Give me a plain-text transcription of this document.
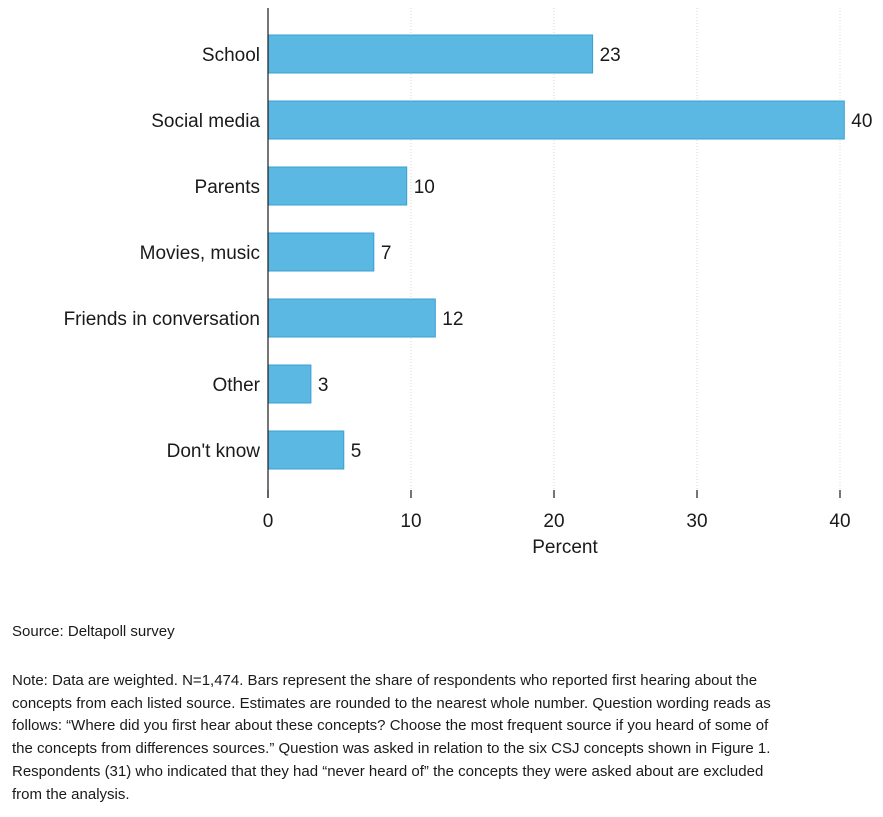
School	23
Social media	40
Parents	10
Movies, music	7
Friends in conversation	12
Other	3
Don't know	5
0	10	20	30	40
Percent
Source: Deltapoll survey
Note: Data are weighted. N=1,474. Bars represent the share of respondents who reported first hearing about the concepts from each listed source. Estimates are rounded to the nearest whole number. Question wording reads as follows: “Where did you first hear about these concepts? Choose the most frequent source if you heard of some of the concepts from differences sources.” Question was asked in relation to the six CSJ concepts shown in Figure 1. Respondents (31) who indicated that they had “never heard of” the concepts they were asked about are excluded from the analysis.
